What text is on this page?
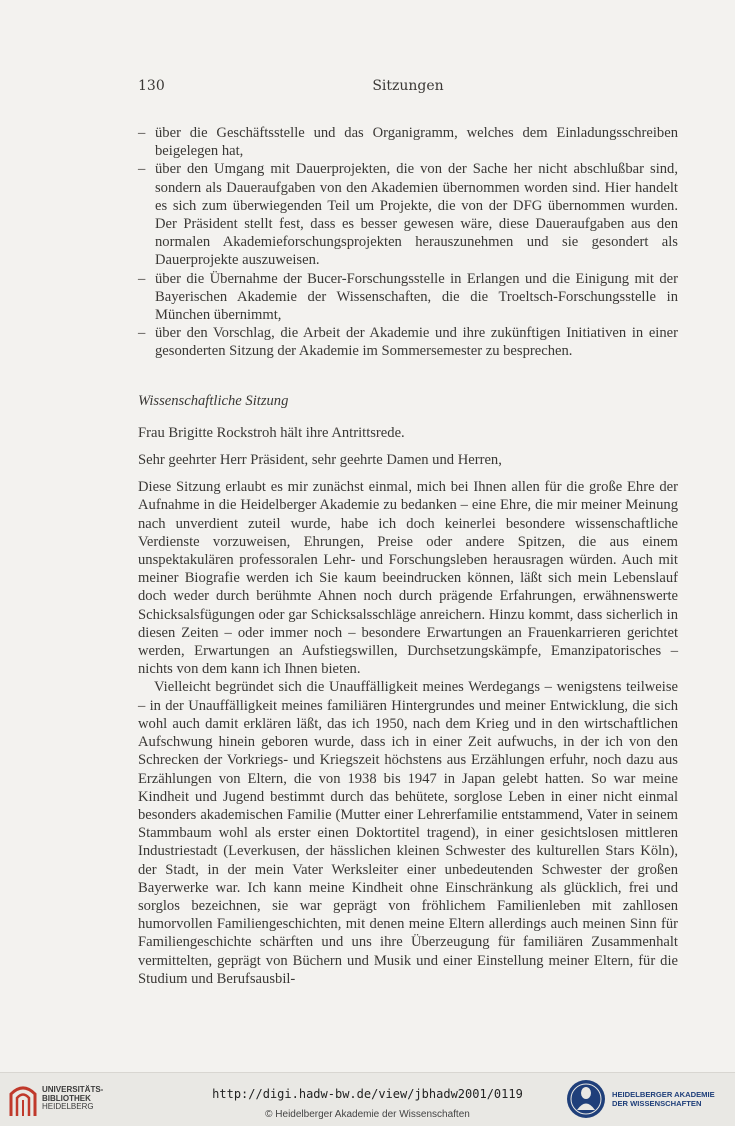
130	Sitzungen
– über die Geschäftsstelle und das Organigramm, welches dem Einladungsschreiben beigelegen hat,
– über den Umgang mit Dauerprojekten, die von der Sache her nicht abschlußbar sind, sondern als Daueraufgaben von den Akademien übernommen worden sind. Hier handelt es sich zum überwiegenden Teil um Projekte, die von der DFG übernommen wurden. Der Präsident stellt fest, dass es besser gewesen wäre, diese Daueraufgaben aus den normalen Akademieforschungsprojekten herauszunehmen und sie gesondert als Dauerprojekte auszuweisen.
– über die Übernahme der Bucer-Forschungsstelle in Erlangen und die Einigung mit der Bayerischen Akademie der Wissenschaften, die die Troeltsch-Forschungsstelle in München übernimmt,
– über den Vorschlag, die Arbeit der Akademie und ihre zukünftigen Initiativen in einer gesonderten Sitzung der Akademie im Sommersemester zu besprechen.
Wissenschaftliche Sitzung

Frau Brigitte Rockstroh hält ihre Antrittsrede.

Sehr geehrter Herr Präsident, sehr geehrte Damen und Herren,

Diese Sitzung erlaubt es mir zunächst einmal, mich bei Ihnen allen für die große Ehre der Aufnahme in die Heidelberger Akademie zu bedanken – eine Ehre, die mir meiner Meinung nach unverdient zuteil wurde, habe ich doch keinerlei besondere wissenschaftliche Verdienste vorzuweisen, Ehrungen, Preise oder andere Spitzen, die aus einem unspektakulären professoralen Lehr- und Forschungsleben herausragen würden. Auch mit meiner Biografie werden ich Sie kaum beeindrucken können, läßt sich mein Lebenslauf doch weder durch berühmte Ahnen noch durch prägende Erfahrungen, erwähnenswerte Schicksalsfügungen oder gar Schicksalsschläge anreichern. Hinzu kommt, dass sicherlich in diesen Zeiten – oder immer noch – besondere Erwartungen an Frauenkarrieren gerichtet werden, Erwartungen an Aufstiegswillen, Durchsetzungskämpfe, Emanzipatorisches – nichts von dem kann ich Ihnen bieten.

Vielleicht begründet sich die Unauffälligkeit meines Werdegangs – wenigstens teilweise – in der Unauffälligkeit meines familiären Hintergrundes und meiner Entwicklung, die sich wohl auch damit erklären läßt, das ich 1950, nach dem Krieg und in den wirtschaftlichen Aufschwung hinein geboren wurde, dass ich in einer Zeit aufwuchs, in der ich von den Schrecken der Vorkriegs- und Kriegszeit höchstens aus Erzählungen erfuhr, noch dazu aus Erzählungen von Eltern, die von 1938 bis 1947 in Japan gelebt hatten. So war meine Kindheit und Jugend bestimmt durch das behütete, sorglose Leben in einer nicht einmal besonders akademischen Familie (Mutter einer Lehrerfamilie entstammend, Vater in seinem Stammbaum wohl als erster einen Doktortitel tragend), in einer gesichtslosen mittleren Industriestadt (Leverkusen, der hässlichen kleinen Schwester des kulturellen Stars Köln), der Stadt, in der mein Vater Werksleiter einer unbedeutenden Schwester der großen Bayerwerke war. Ich kann meine Kindheit ohne Einschränkung als glücklich, frei und sorglos bezeichnen, sie war geprägt von fröhlichem Familienleben mit zahllosen humorvollen Familiengeschichten, mit denen meine Eltern allerdings auch meinen Sinn für Familiengeschichte schärften und uns ihre Überzeugung für familiären Zusammenhalt vermittelten, geprägt von Büchern und Musik und einer Einstellung meiner Eltern, für die Studium und Berufsausbil-

UNIVERSITÄTS-
BIBLIOTHEK
HEIDELBERG
http://digi.hadw-bw.de/view/jbhadw2001/0119
© Heidelberger Akademie der Wissenschaften
HEIDELBERGER AKADEMIE
DER WISSENSCHAFTEN
